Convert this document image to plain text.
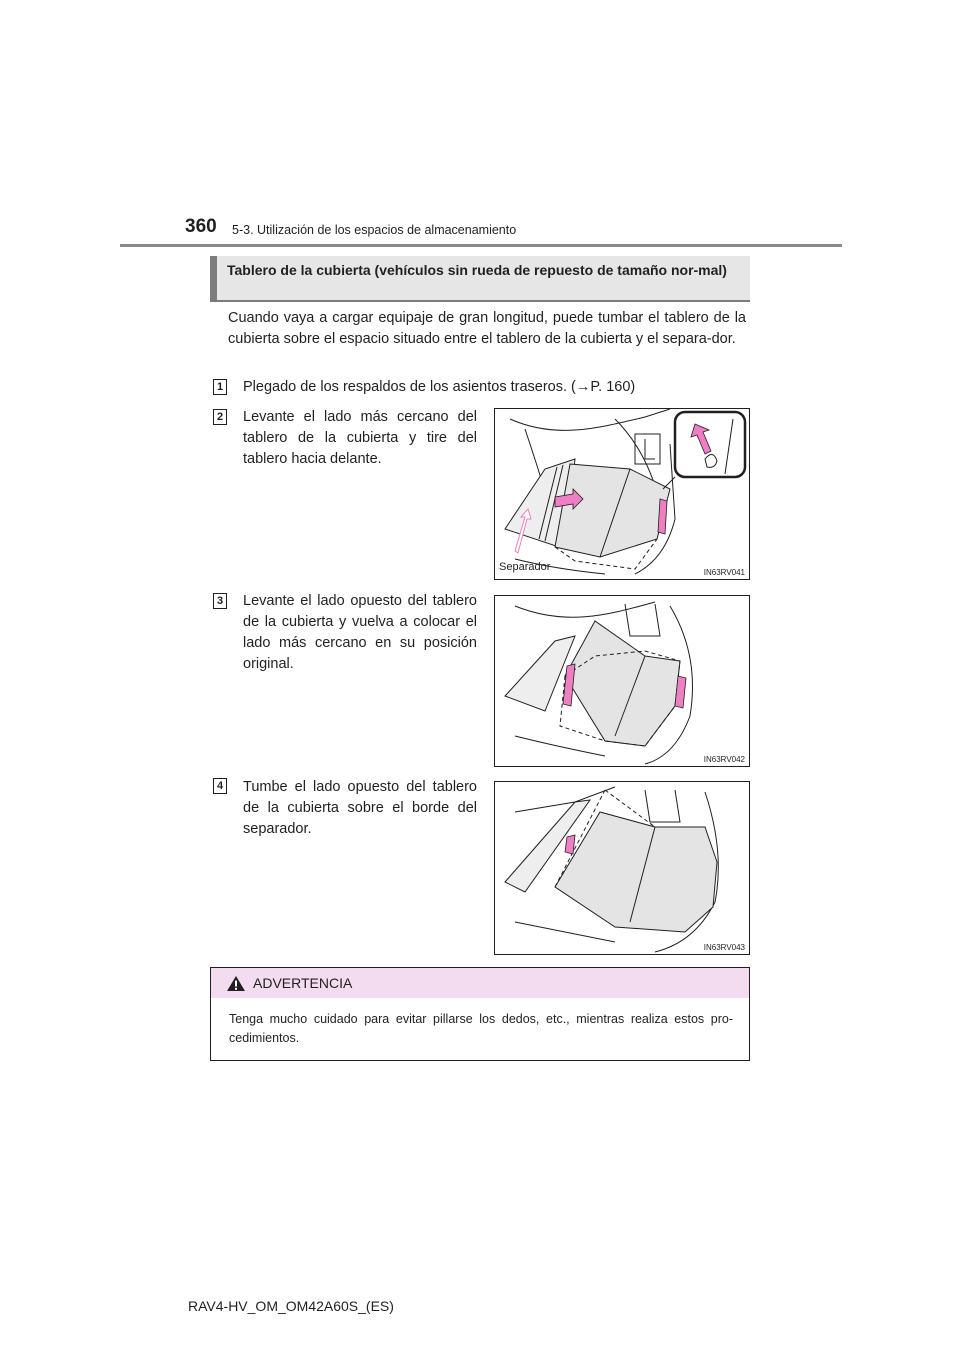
360 5-3. Utilización de los espacios de almacenamiento
Tablero de la cubierta (vehículos sin rueda de repuesto de tamaño nor-mal)
Cuando vaya a cargar equipaje de gran longitud, puede tumbar el tablero de la cubierta sobre el espacio situado entre el tablero de la cubierta y el separa-dor.
1 Plegado de los respaldos de los asientos traseros. (→P. 160)
2 Levante el lado más cercano del tablero de la cubierta y tire del tablero hacia delante.
Separador	IN63RV041
3 Levante el lado opuesto del tablero de la cubierta y vuelva a colocar el lado más cercano en su posición original.
IN63RV042
4 Tumbe el lado opuesto del tablero de la cubierta sobre el borde del separador.
IN63RV043
ADVERTENCIA
Tenga mucho cuidado para evitar pillarse los dedos, etc., mientras realiza estos pro-cedimientos.
RAV4-HV_OM_OM42A60S_(ES)
